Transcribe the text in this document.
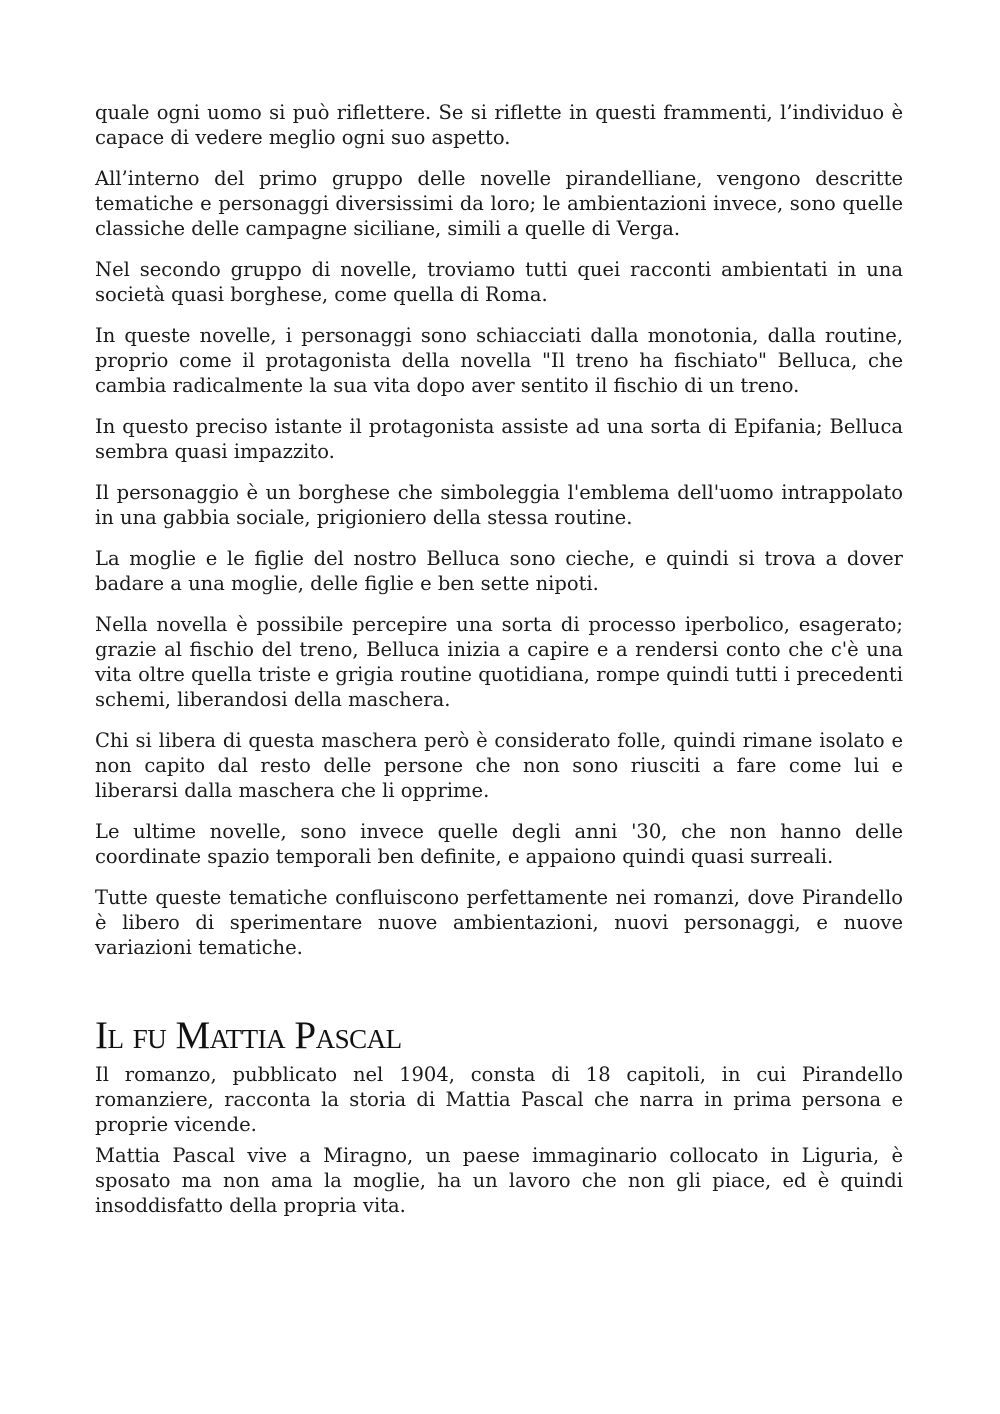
quale ogni uomo si può riflettere. Se si riflette in questi frammenti, l’individuo è capace di vedere meglio ogni suo aspetto.

All’interno del primo gruppo delle novelle pirandelliane, vengono descritte tematiche e personaggi diversissimi da loro; le ambientazioni invece, sono quelle classiche delle campagne siciliane, simili a quelle di Verga.

Nel secondo gruppo di novelle, troviamo tutti quei racconti ambientati in una società quasi borghese, come quella di Roma.

In queste novelle, i personaggi sono schiacciati dalla monotonia, dalla routine, proprio come il protagonista della novella "Il treno ha fischiato" Belluca, che cambia radicalmente la sua vita dopo aver sentito il fischio di un treno.

In questo preciso istante il protagonista assiste ad una sorta di Epifania; Belluca sembra quasi impazzito.

Il personaggio è un borghese che simboleggia l'emblema dell'uomo intrappolato in una gabbia sociale, prigioniero della stessa routine.

La moglie e le figlie del nostro Belluca sono cieche, e quindi si trova a dover badare a una moglie, delle figlie e ben sette nipoti.

Nella novella è possibile percepire una sorta di processo iperbolico, esagerato; grazie al fischio del treno, Belluca inizia a capire e a rendersi conto che c'è una vita oltre quella triste e grigia routine quotidiana, rompe quindi tutti i precedenti schemi, liberandosi della maschera.

Chi si libera di questa maschera però è considerato folle, quindi rimane isolato e non capito dal resto delle persone che non sono riusciti a fare come lui e liberarsi dalla maschera che li opprime.

Le ultime novelle, sono invece quelle degli anni '30, che non hanno delle coordinate spazio temporali ben definite, e appaiono quindi quasi surreali.

Tutte queste tematiche confluiscono perfettamente nei romanzi, dove Pirandello è libero di sperimentare nuove ambientazioni, nuovi personaggi, e nuove variazioni tematiche.

Il fu Mattia Pascal

Il romanzo, pubblicato nel 1904, consta di 18 capitoli, in cui Pirandello romanziere, racconta la storia di Mattia Pascal che narra in prima persona e proprie vicende.

Mattia Pascal vive a Miragno, un paese immaginario collocato in Liguria, è sposato ma non ama la moglie, ha un lavoro che non gli piace, ed è quindi insoddisfatto della propria vita.
